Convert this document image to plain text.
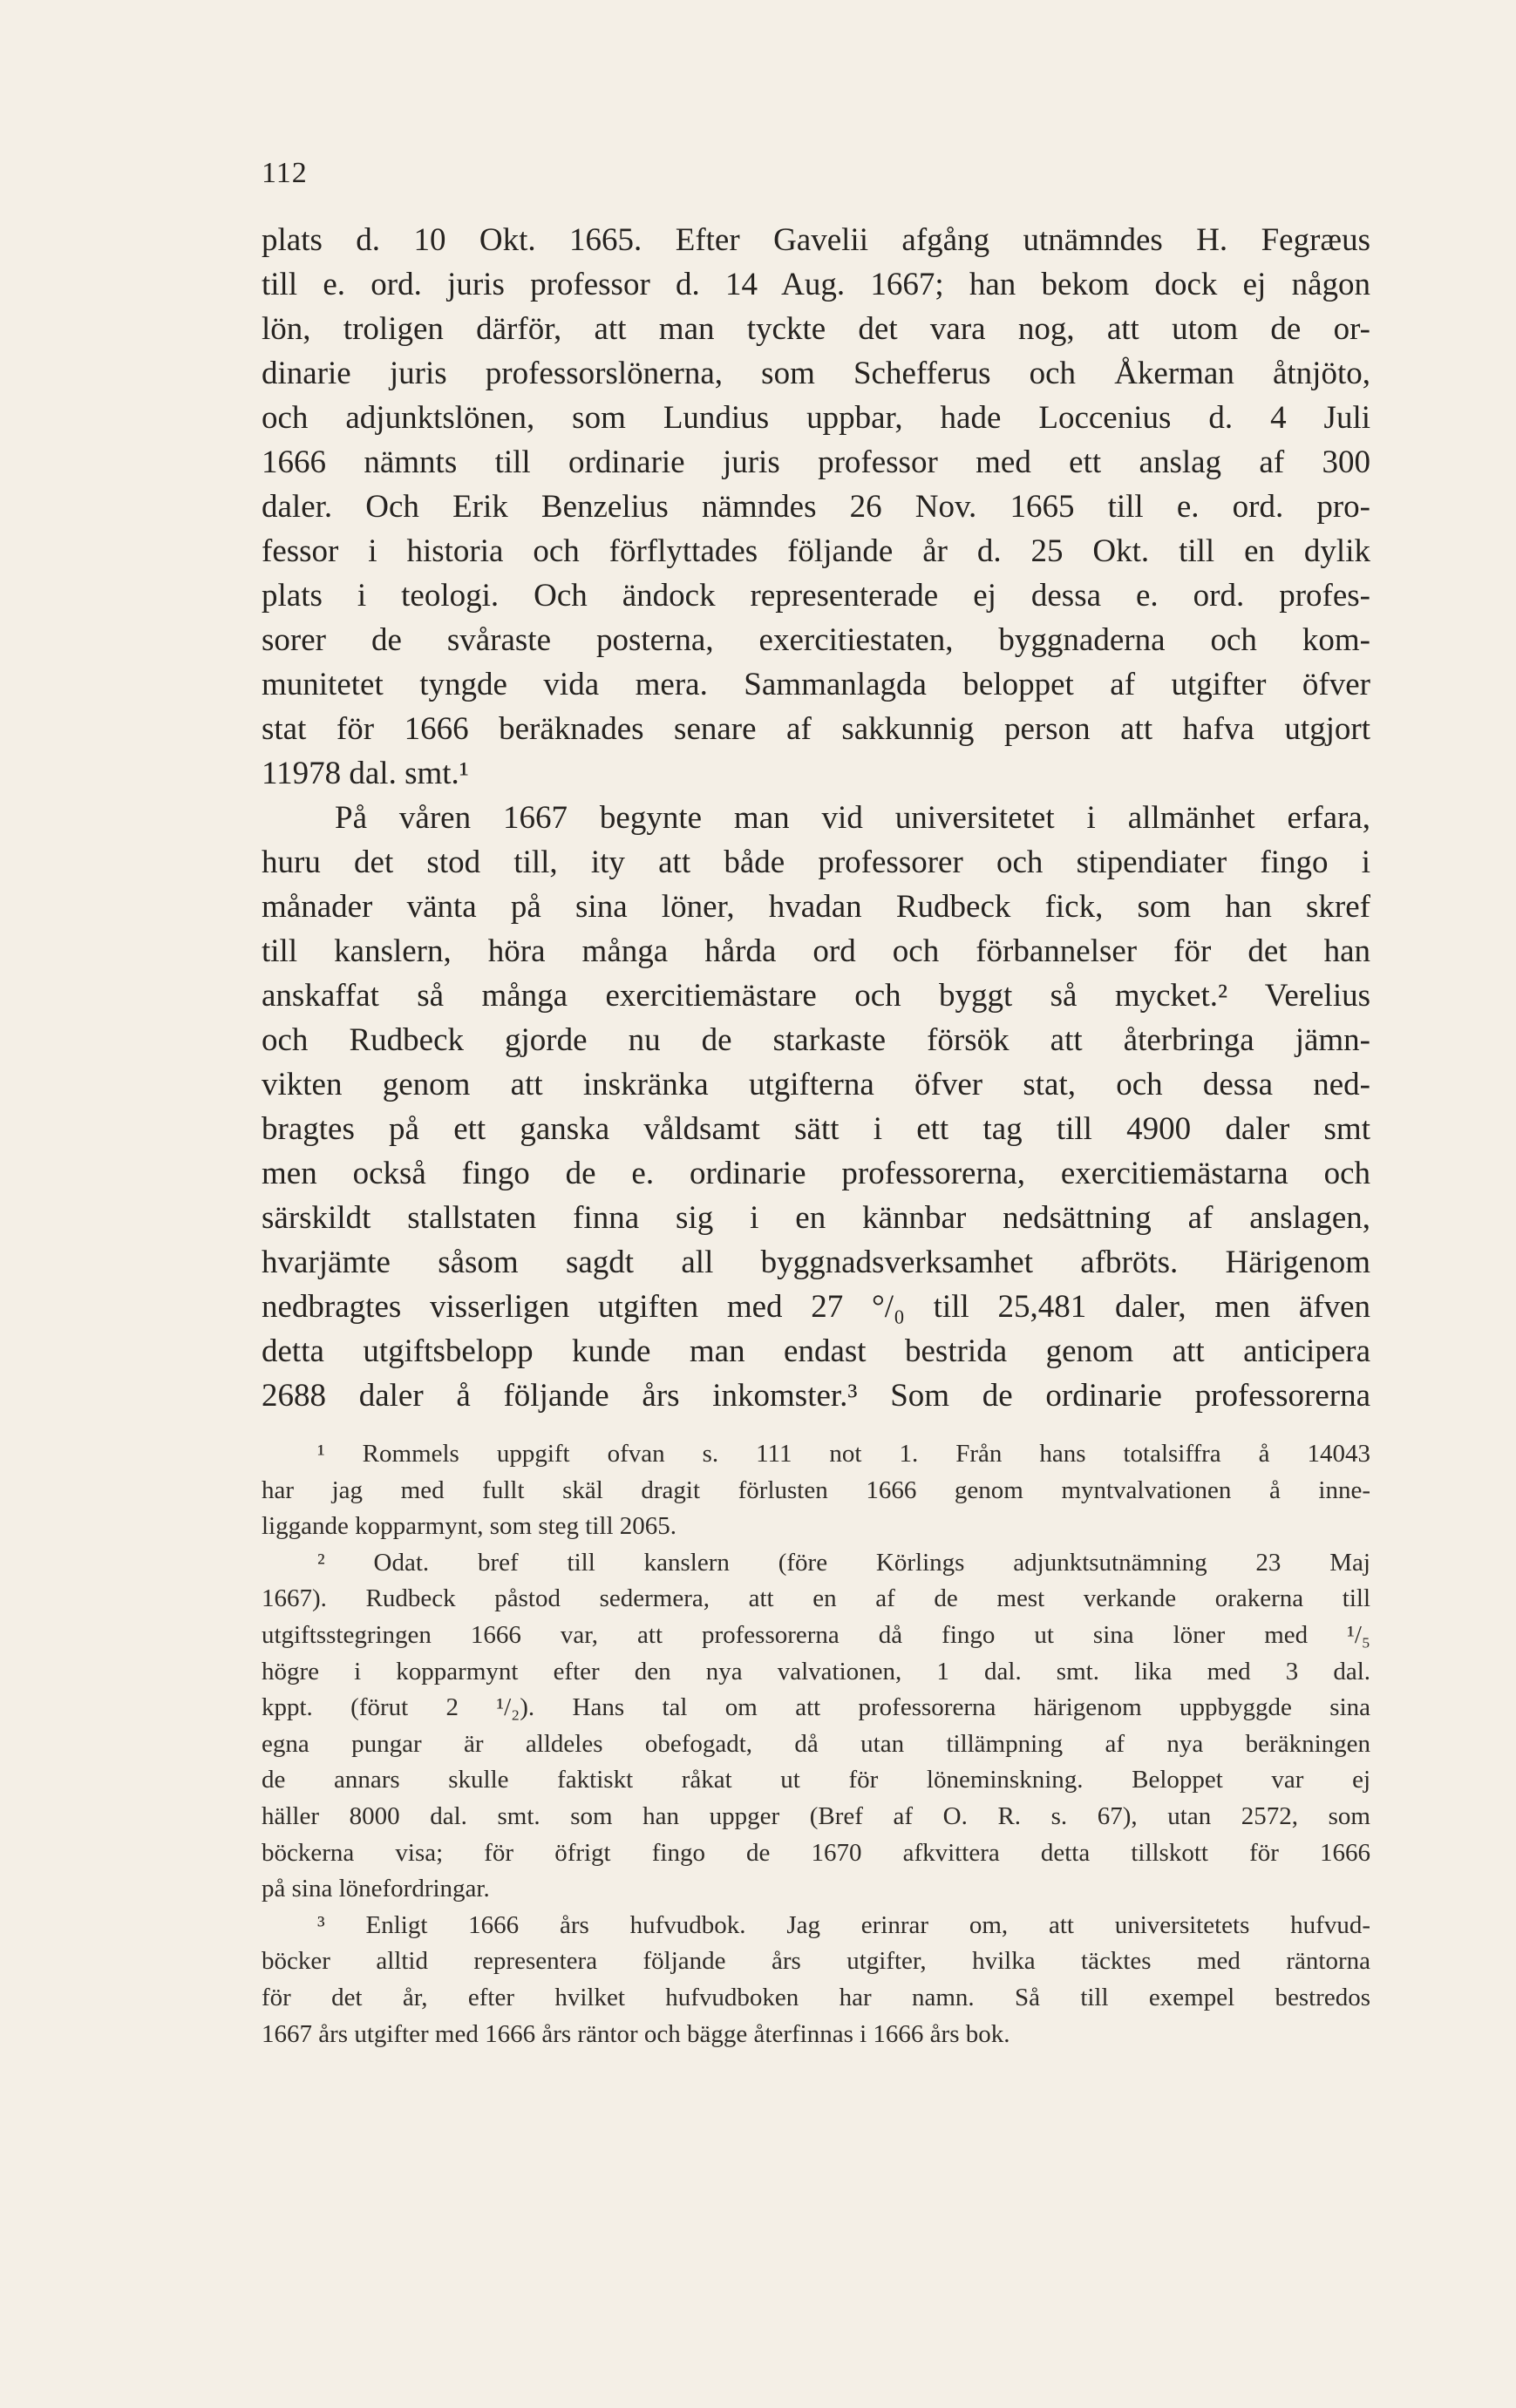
112
plats d. 10 Okt. 1665. Efter Gavelii afgång utnämndes H. Fegræus
till e. ord. juris professor d. 14 Aug. 1667; han bekom dock ej någon
lön, troligen därför, att man tyckte det vara nog, att utom de or-
dinarie juris professorslönerna, som Schefferus och Åkerman åtnjöto,
och adjunktslönen, som Lundius uppbar, hade Loccenius d. 4 Juli
1666 nämnts till ordinarie juris professor med ett anslag af 300
daler. Och Erik Benzelius nämndes 26 Nov. 1665 till e. ord. pro-
fessor i historia och förflyttades följande år d. 25 Okt. till en dylik
plats i teologi. Och ändock representerade ej dessa e. ord. profes-
sorer de svåraste posterna, exercitiestaten, byggnaderna och kom-
munitetet tyngde vida mera. Sammanlagda beloppet af utgifter öfver
stat för 1666 beräknades senare af sakkunnig person att hafva utgjort
11978 dal. smt.¹
På våren 1667 begynte man vid universitetet i allmänhet erfara,
huru det stod till, ity att både professorer och stipendiater fingo i
månader vänta på sina löner, hvadan Rudbeck fick, som han skref
till kanslern, höra många hårda ord och förbannelser för det han
anskaffat så många exercitiemästare och byggt så mycket.² Verelius
och Rudbeck gjorde nu de starkaste försök att återbringa jämn-
vikten genom att inskränka utgifterna öfver stat, och dessa ned-
bragtes på ett ganska våldsamt sätt i ett tag till 4900 daler smt
men också fingo de e. ordinarie professorerna, exercitiemästarna och
särskildt stallstaten finna sig i en kännbar nedsättning af anslagen,
hvarjämte såsom sagdt all byggnadsverksamhet afbröts. Härigenom
nedbragtes visserligen utgiften med 27 °/₀ till 25,481 daler, men äfven
detta utgiftsbelopp kunde man endast bestrida genom att anticipera
2688 daler å följande års inkomster.³ Som de ordinarie professorerna
¹ Rommels uppgift ofvan s. 111 not 1. Från hans totalsiffra å 14043
har jag med fullt skäl dragit förlusten 1666 genom myntvalvationen å inne-
liggande kopparmynt, som steg till 2065.
² Odat. bref till kanslern (före Körlings adjunktsutnämning 23 Maj
1667). Rudbeck påstod sedermera, att en af de mest verkande orakerna till
utgiftsstegringen 1666 var, att professorerna då fingo ut sina löner med ¹/₅
högre i kopparmynt efter den nya valvationen, 1 dal. smt. lika med 3 dal.
kppt. (förut 2 ¹/₂). Hans tal om att professorerna härigenom uppbyggde sina
egna pungar är alldeles obefogadt, då utan tillämpning af nya beräkningen
de annars skulle faktiskt råkat ut för löneminskning. Beloppet var ej
häller 8000 dal. smt. som han uppger (Bref af O. R. s. 67), utan 2572, som
böckerna visa; för öfrigt fingo de 1670 afkvittera detta tillskott för 1666
på sina lönefordringar.
³ Enligt 1666 års hufvudbok. Jag erinrar om, att universitetets hufvud-
böcker alltid representera följande års utgifter, hvilka täcktes med räntorna
för det år, efter hvilket hufvudboken har namn. Så till exempel bestredos
1667 års utgifter med 1666 års räntor och bägge återfinnas i 1666 års bok.
